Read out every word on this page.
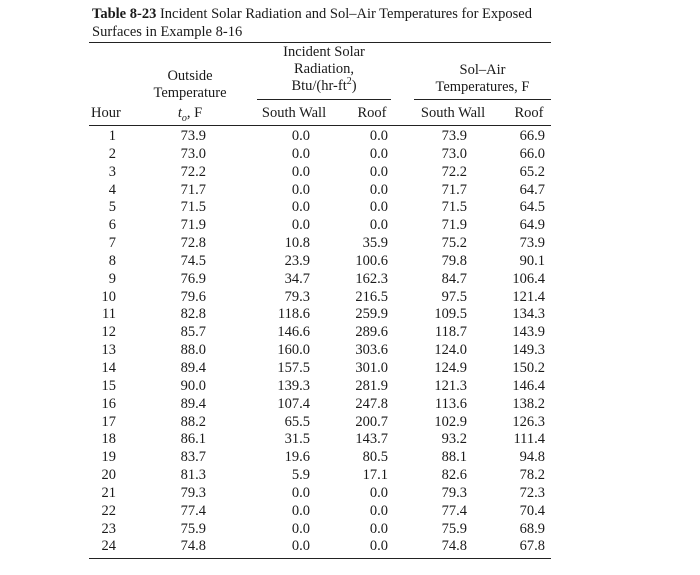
Table 8-23 Incident Solar Radiation and Sol–Air Temperatures for Exposed Surfaces in Example 8-16
Incident Solar
Radiation,
Btu/$(hr-ft^2)$
Sol–Air
Temperatures, F
Outside
Temperature
Hour	$t_o$, F	South Wall	Roof	South Wall	Roof
1	73.9	0.0	0.0	73.9	66.9
2	73.0	0.0	0.0	73.0	66.0
3	72.2	0.0	0.0	72.2	65.2
4	71.7	0.0	0.0	71.7	64.7
5	71.5	0.0	0.0	71.5	64.5
6	71.9	0.0	0.0	71.9	64.9
7	72.8	10.8	35.9	75.2	73.9
8	74.5	23.9	100.6	79.8	90.1
9	76.9	34.7	162.3	84.7	106.4
10	79.6	79.3	216.5	97.5	121.4
11	82.8	118.6	259.9	109.5	134.3
12	85.7	146.6	289.6	118.7	143.9
13	88.0	160.0	303.6	124.0	149.3
14	89.4	157.5	301.0	124.9	150.2
15	90.0	139.3	281.9	121.3	146.4
16	89.4	107.4	247.8	113.6	138.2
17	88.2	65.5	200.7	102.9	126.3
18	86.1	31.5	143.7	93.2	111.4
19	83.7	19.6	80.5	88.1	94.8
20	81.3	5.9	17.1	82.6	78.2
21	79.3	0.0	0.0	79.3	72.3
22	77.4	0.0	0.0	77.4	70.4
23	75.9	0.0	0.0	75.9	68.9
24	74.8	0.0	0.0	74.8	67.8
